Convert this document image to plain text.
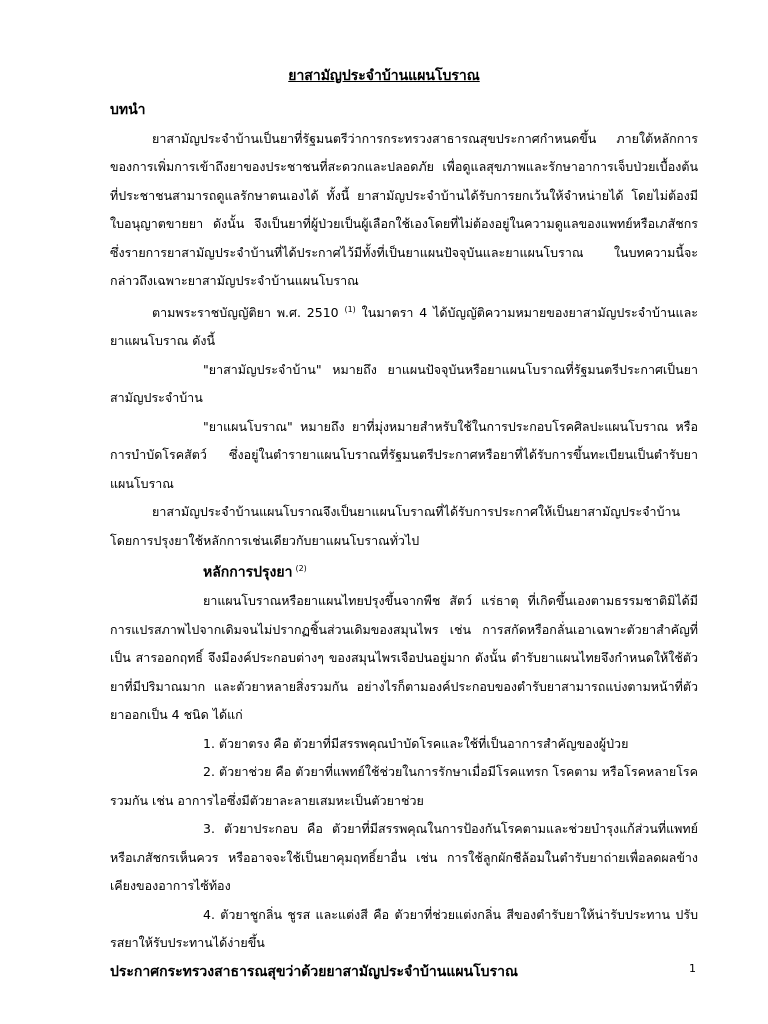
ยาสามัญประจำบ้านแผนโบราณ

บทนำ

ยาสามัญประจำบ้านเป็นยาที่รัฐมนตรีว่าการกระทรวงสาธารณสุขประกาศกำหนดขึ้น ภายใต้หลักการของการเพิ่มการเข้าถึงยาของประชาชนที่สะดวกและปลอดภัย เพื่อดูแลสุขภาพและรักษาอาการเจ็บป่วยเบื้องต้น ที่ประชาชนสามารถดูแลรักษาตนเองได้ ทั้งนี้ ยาสามัญประจำบ้านได้รับการยกเว้นให้จำหน่ายได้ โดยไม่ต้องมีใบอนุญาตขายยา ดังนั้น จึงเป็นยาที่ผู้ป่วยเป็นผู้เลือกใช้เองโดยที่ไม่ต้องอยู่ในความดูแลของแพทย์หรือเภสัชกร ซึ่งรายการยาสามัญประจำบ้านที่ได้ประกาศไว้มีทั้งที่เป็นยาแผนปัจจุบันและยาแผนโบราณ ในบทความนี้จะกล่าวถึงเฉพาะยาสามัญประจำบ้านแผนโบราณ

ตามพระราชบัญญัติยา พ.ศ. 2510 $^{(1)}$ ในมาตรา 4 ได้บัญญัติความหมายของยาสามัญประจำบ้านและยาแผนโบราณ ดังนี้

"ยาสามัญประจำบ้าน" หมายถึง ยาแผนปัจจุบันหรือยาแผนโบราณที่รัฐมนตรีประกาศเป็นยาสามัญประจำบ้าน

"ยาแผนโบราณ" หมายถึง ยาที่มุ่งหมายสำหรับใช้ในการประกอบโรคศิลปะแผนโบราณ หรือ การบำบัดโรคสัตว์ ซึ่งอยู่ในตำรายาแผนโบราณที่รัฐมนตรีประกาศหรือยาที่ได้รับการขึ้นทะเบียนเป็นตำรับยา แผนโบราณ

ยาสามัญประจำบ้านแผนโบราณจึงเป็นยาแผนโบราณที่ได้รับการประกาศให้เป็นยาสามัญประจำบ้าน โดยการปรุงยาใช้หลักการเช่นเดียวกับยาแผนโบราณทั่วไป

หลักการปรุงยา $^{(2)}$

ยาแผนโบราณหรือยาแผนไทยปรุงขึ้นจากพืช สัตว์ แร่ธาตุ ที่เกิดขึ้นเองตามธรรมชาติมิได้มีการแปรสภาพไปจากเดิมจนไม่ปรากฏชิ้นส่วนเดิมของสมุนไพร เช่น การสกัดหรือกลั่นเอาเฉพาะตัวยาสำคัญที่เป็น สารออกฤทธิ์ จึงมีองค์ประกอบต่างๆ ของสมุนไพรเจือปนอยู่มาก ดังนั้น ตำรับยาแผนไทยจึงกำหนดให้ใช้ตัวยาที่มีปริมาณมาก และตัวยาหลายสิ่งรวมกัน อย่างไรก็ตามองค์ประกอบของตำรับยาสามารถแบ่งตามหน้าที่ตัวยาออกเป็น 4 ชนิด ได้แก่

1. ตัวยาตรง คือ ตัวยาที่มีสรรพคุณบำบัดโรคและใช้ที่เป็นอาการสำคัญของผู้ป่วย

2. ตัวยาช่วย คือ ตัวยาที่แพทย์ใช้ช่วยในการรักษาเมื่อมีโรคแทรก โรคตาม หรือโรคหลายโรครวมกัน เช่น อาการไอซึ่งมีตัวยาละลายเสมหะเป็นตัวยาช่วย

3. ตัวยาประกอบ คือ ตัวยาที่มีสรรพคุณในการป้องกันโรคตามและช่วยบำรุงแก้ส่วนที่แพทย์หรือเภสัชกรเห็นควร หรืออาจจะใช้เป็นยาคุมฤทธิ์ยาอื่น เช่น การใช้ลูกผักชีล้อมในตำรับยาถ่ายเพื่อลดผลข้างเคียงของอาการไซ้ท้อง

4. ตัวยาชูกลิ่น ชูรส และแต่งสี คือ ตัวยาที่ช่วยแต่งกลิ่น สีของตำรับยาให้น่ารับประทาน ปรับรสยาให้รับประทานได้ง่ายขึ้น

ประกาศกระทรวงสาธารณสุขว่าด้วยยาสามัญประจำบ้านแผนโบราณ	1
